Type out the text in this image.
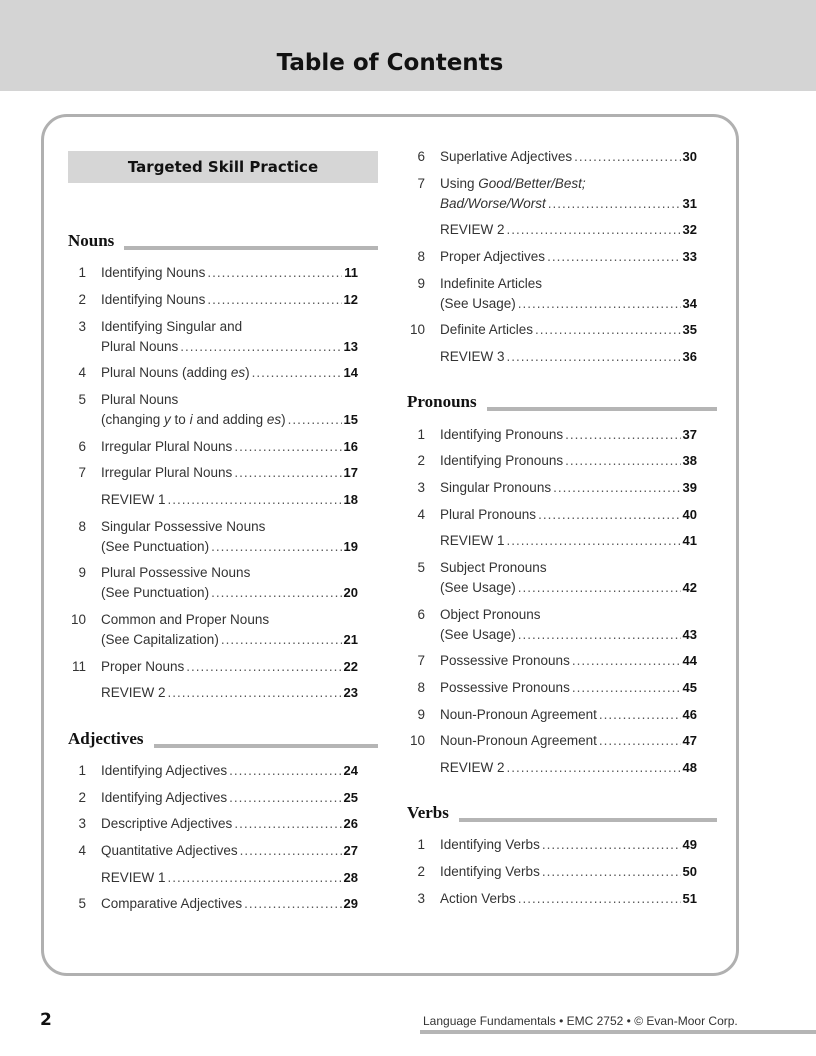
Table of Contents
Targeted Skill Practice
Nouns
1 Identifying Nouns .....	11
2 Identifying Nouns .....	12
3 Identifying Singular and
Plural Nouns .....	13
4 Plural Nouns (adding es) .....	14
5 Plural Nouns
(changing y to i and adding es) .....	15
6 Irregular Plural Nouns .....	16
7 Irregular Plural Nouns .....	17
REVIEW 1 .....	18
8 Singular Possessive Nouns
(See Punctuation) .....	19
9 Plural Possessive Nouns
(See Punctuation) .....	20
10 Common and Proper Nouns
(See Capitalization) .....	21
11 Proper Nouns .....	22
REVIEW 2 .....	23
Adjectives
1 Identifying Adjectives .....	24
2 Identifying Adjectives .....	25
3 Descriptive Adjectives .....	26
4 Quantitative Adjectives .....	27
REVIEW 1 .....	28
5 Comparative Adjectives .....	29
6 Superlative Adjectives .....	30
7 Using Good/Better/Best;
Bad/Worse/Worst .....	31
REVIEW 2 .....	32
8 Proper Adjectives .....	33
9 Indefinite Articles
(See Usage) .....	34
10 Definite Articles .....	35
REVIEW 3 .....	36
Pronouns
1 Identifying Pronouns .....	37
2 Identifying Pronouns .....	38
3 Singular Pronouns .....	39
4 Plural Pronouns .....	40
REVIEW 1 .....	41
5 Subject Pronouns
(See Usage) .....	42
6 Object Pronouns
(See Usage) .....	43
7 Possessive Pronouns .....	44
8 Possessive Pronouns .....	45
9 Noun-Pronoun Agreement .....	46
10 Noun-Pronoun Agreement .....	47
REVIEW 2 .....	48
Verbs
1 Identifying Verbs .....	49
2 Identifying Verbs .....	50
3 Action Verbs .....	51
2	Language Fundamentals • EMC 2752 • © Evan-Moor Corp.
